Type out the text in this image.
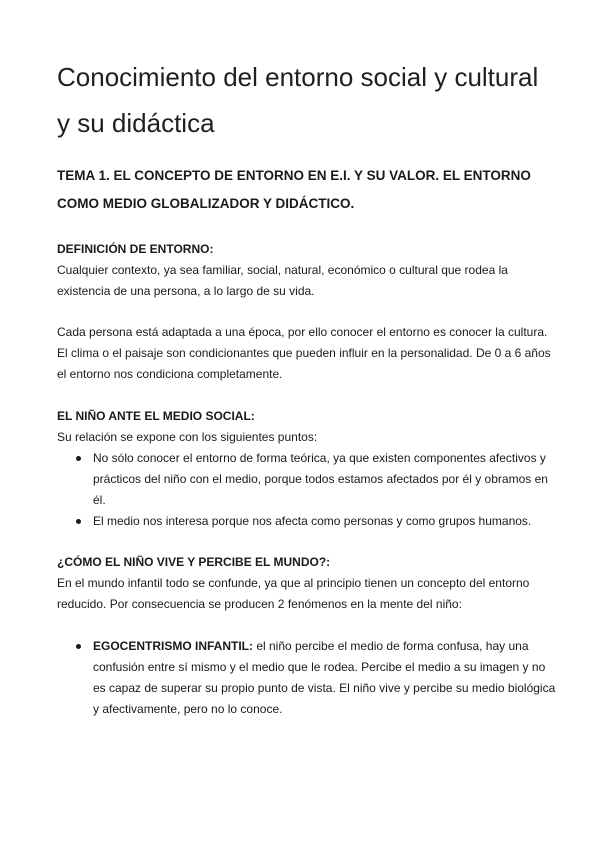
Conocimiento del entorno social y cultural y su didáctica
TEMA 1. EL CONCEPTO DE ENTORNO EN E.I. Y SU VALOR. EL ENTORNO COMO MEDIO GLOBALIZADOR Y DIDÁCTICO.

DEFINICIÓN DE ENTORNO:

Cualquier contexto, ya sea familiar, social, natural, económico o cultural que rodea la existencia de una persona, a lo largo de su vida.

Cada persona está adaptada a una época, por ello conocer el entorno es conocer la cultura. El clima o el paisaje son condicionantes que pueden influir en la personalidad. De 0 a 6 años el entorno nos condiciona completamente.

EL NIÑO ANTE EL MEDIO SOCIAL:

Su relación se expone con los siguientes puntos:

No sólo conocer el entorno de forma teórica, ya que existen componentes afectivos y prácticos del niño con el medio, porque todos estamos afectados por él y obramos en él.
El medio nos interesa porque nos afecta como personas y como grupos humanos.

¿CÓMO EL NIÑO VIVE Y PERCIBE EL MUNDO?:

En el mundo infantil todo se confunde, ya que al principio tienen un concepto del entorno reducido. Por consecuencia se producen 2 fenómenos en la mente del niño:

EGOCENTRISMO INFANTIL: el niño percibe el medio de forma confusa, hay una confusión entre sí mismo y el medio que le rodea. Percibe el medio a su imagen y no es capaz de superar su propio punto de vista. El niño vive y percibe su medio biológica y afectivamente, pero no lo conoce.
